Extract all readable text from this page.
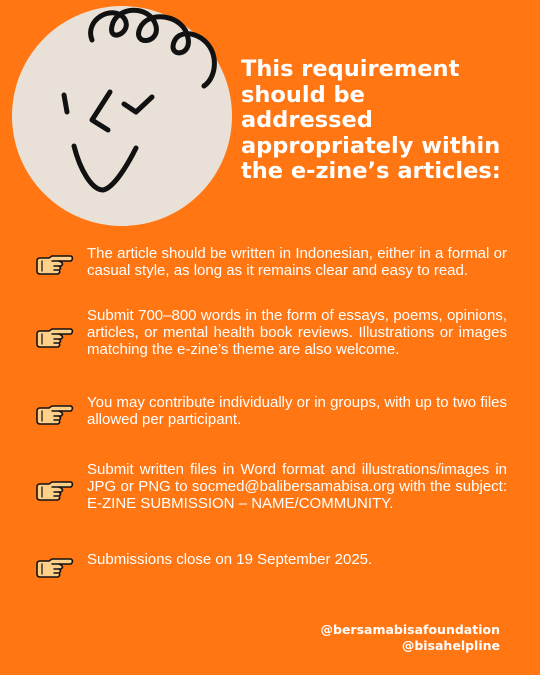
This requirement
should be
addressed
appropriately within
the e-zine’s articles:
The article should be written in Indonesian, either in a formal or casual style, as long as it remains clear and easy to read.
Submit 700–800 words in the form of essays, poems, opinions, articles, or mental health book reviews. Illustrations or images matching the e-zine’s theme are also welcome.
You may contribute individually or in groups, with up to two files allowed per participant.
Submit written files in Word format and illustrations/images in JPG or PNG to socmed@balibersamabisa.org with the subject: E-ZINE SUBMISSION – NAME/COMMUNITY.
Submissions close on 19 September 2025.
@bersamabisafoundation
@bisahelpline
